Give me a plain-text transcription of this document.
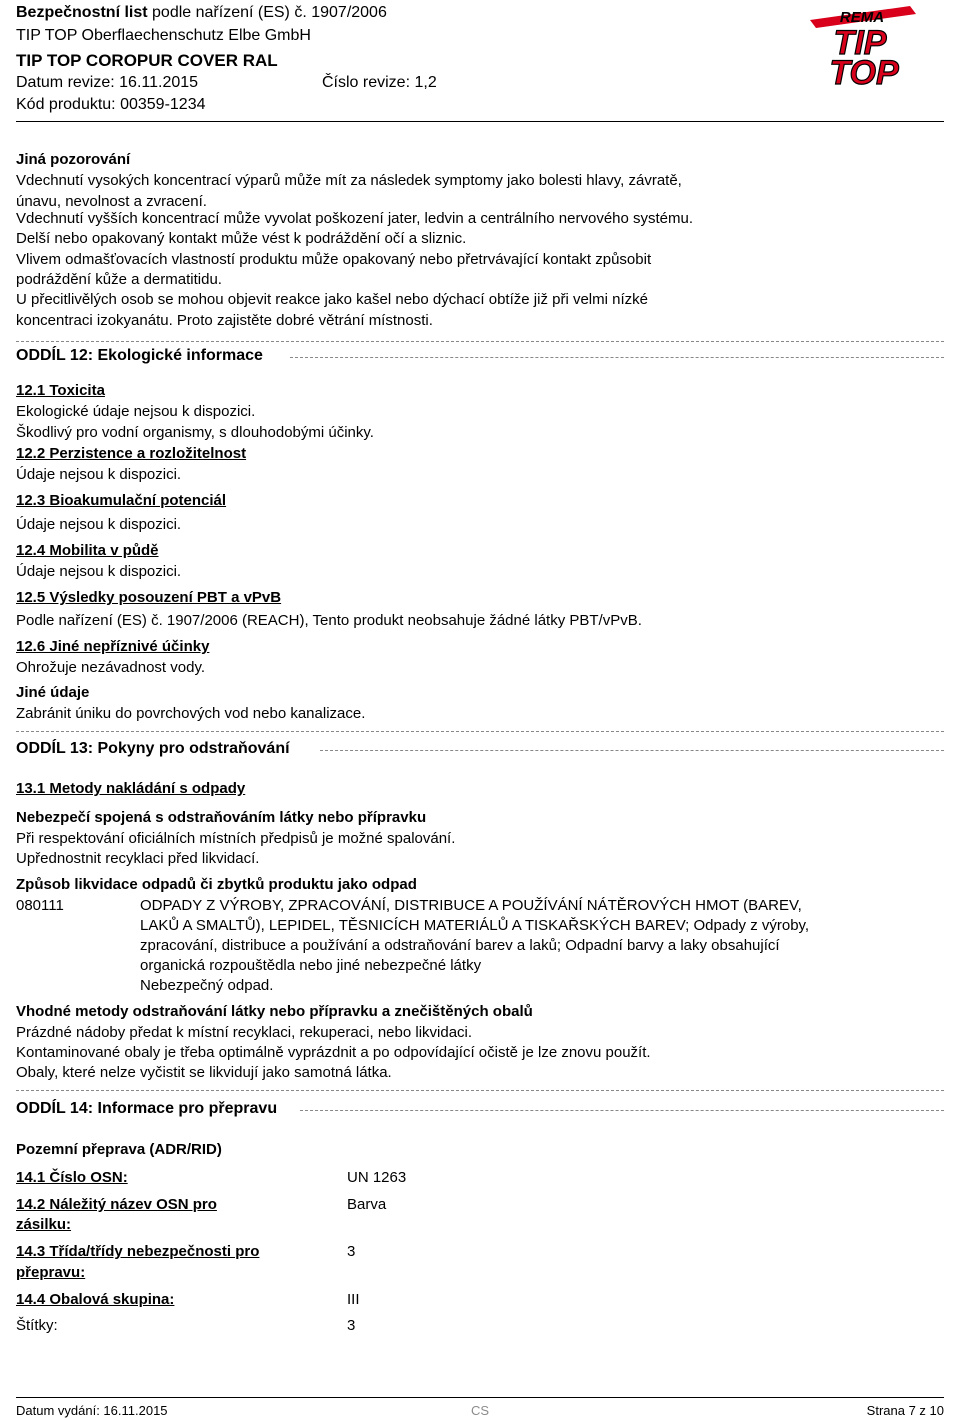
Bezpečnostní list podle nařízení (ES) č. 1907/2006
TIP TOP Oberflaechenschutz Elbe GmbH
TIP TOP COROPUR COVER RAL
Datum revize: 16.11.2015	Číslo revize: 1,2
Kód produktu: 00359-1234
REMA
TIP
TOP
Jiná pozorování
Vdechnutí vysokých koncentrací výparů může mít za následek symptomy jako bolesti hlavy, závratě,
únavu, nevolnost a zvracení.
Vdechnutí vyšších koncentrací může vyvolat poškození jater, ledvin a centrálního nervového systému.
Delší nebo opakovaný kontakt může vést k podráždění očí a sliznic.
Vlivem odmašťovacích vlastností produktu může opakovaný nebo přetrvávající kontakt způsobit
podráždění kůže a dermatitidu.
U přecitlivělých osob se mohou objevit reakce jako kašel nebo dýchací obtíže již při velmi nízké
koncentraci izokyanátu. Proto zajistěte dobré větrání místnosti.
ODDÍL 12: Ekologické informace
12.1 Toxicita
Ekologické údaje nejsou k dispozici.
Škodlivý pro vodní organismy, s dlouhodobými účinky.
12.2 Perzistence a rozložitelnost
Údaje nejsou k dispozici.
12.3 Bioakumulační potenciál
Údaje nejsou k dispozici.
12.4 Mobilita v půdě
Údaje nejsou k dispozici.
12.5 Výsledky posouzení PBT a vPvB
Podle nařízení (ES) č. 1907/2006 (REACH), Tento produkt neobsahuje žádné látky PBT/vPvB.
12.6 Jiné nepříznivé účinky
Ohrožuje nezávadnost vody.
Jiné údaje
Zabránit úniku do povrchových vod nebo kanalizace.
ODDÍL 13: Pokyny pro odstraňování
13.1 Metody nakládání s odpady
Nebezpečí spojená s odstraňováním látky nebo přípravku
Při respektování oficiálních místních předpisů je možné spalování.
Upřednostnit recyklaci před likvidací.
Způsob likvidace odpadů či zbytků produktu jako odpad
080111	ODPADY Z VÝROBY, ZPRACOVÁNÍ, DISTRIBUCE A POUŽÍVÁNÍ NÁTĚROVÝCH HMOT (BAREV,
LAKŮ A SMALTŮ), LEPIDEL, TĚSNICÍCH MATERIÁLŮ A TISKAŘSKÝCH BAREV; Odpady z výroby,
zpracování, distribuce a používání a odstraňování barev a laků; Odpadní barvy a laky obsahující
organická rozpouštědla nebo jiné nebezpečné látky
Nebezpečný odpad.
Vhodné metody odstraňování látky nebo přípravku a znečištěných obalů
Prázdné nádoby předat k místní recyklaci, rekuperaci, nebo likvidaci.
Kontaminované obaly je třeba optimálně vyprázdnit a po odpovídající očistě je lze znovu použít.
Obaly, které nelze vyčistit se likvidují jako samotná látka.
ODDÍL 14: Informace pro přepravu
Pozemní přeprava (ADR/RID)
14.1 Číslo OSN:	UN 1263
14.2 Náležitý název OSN pro
zásilku:
Barva
14.3 Třída/třídy nebezpečnosti pro
přepravu:
3
14.4 Obalová skupina:	III
Štítky:	3
Datum vydání: 16.11.2015	CS	Strana 7 z 10
